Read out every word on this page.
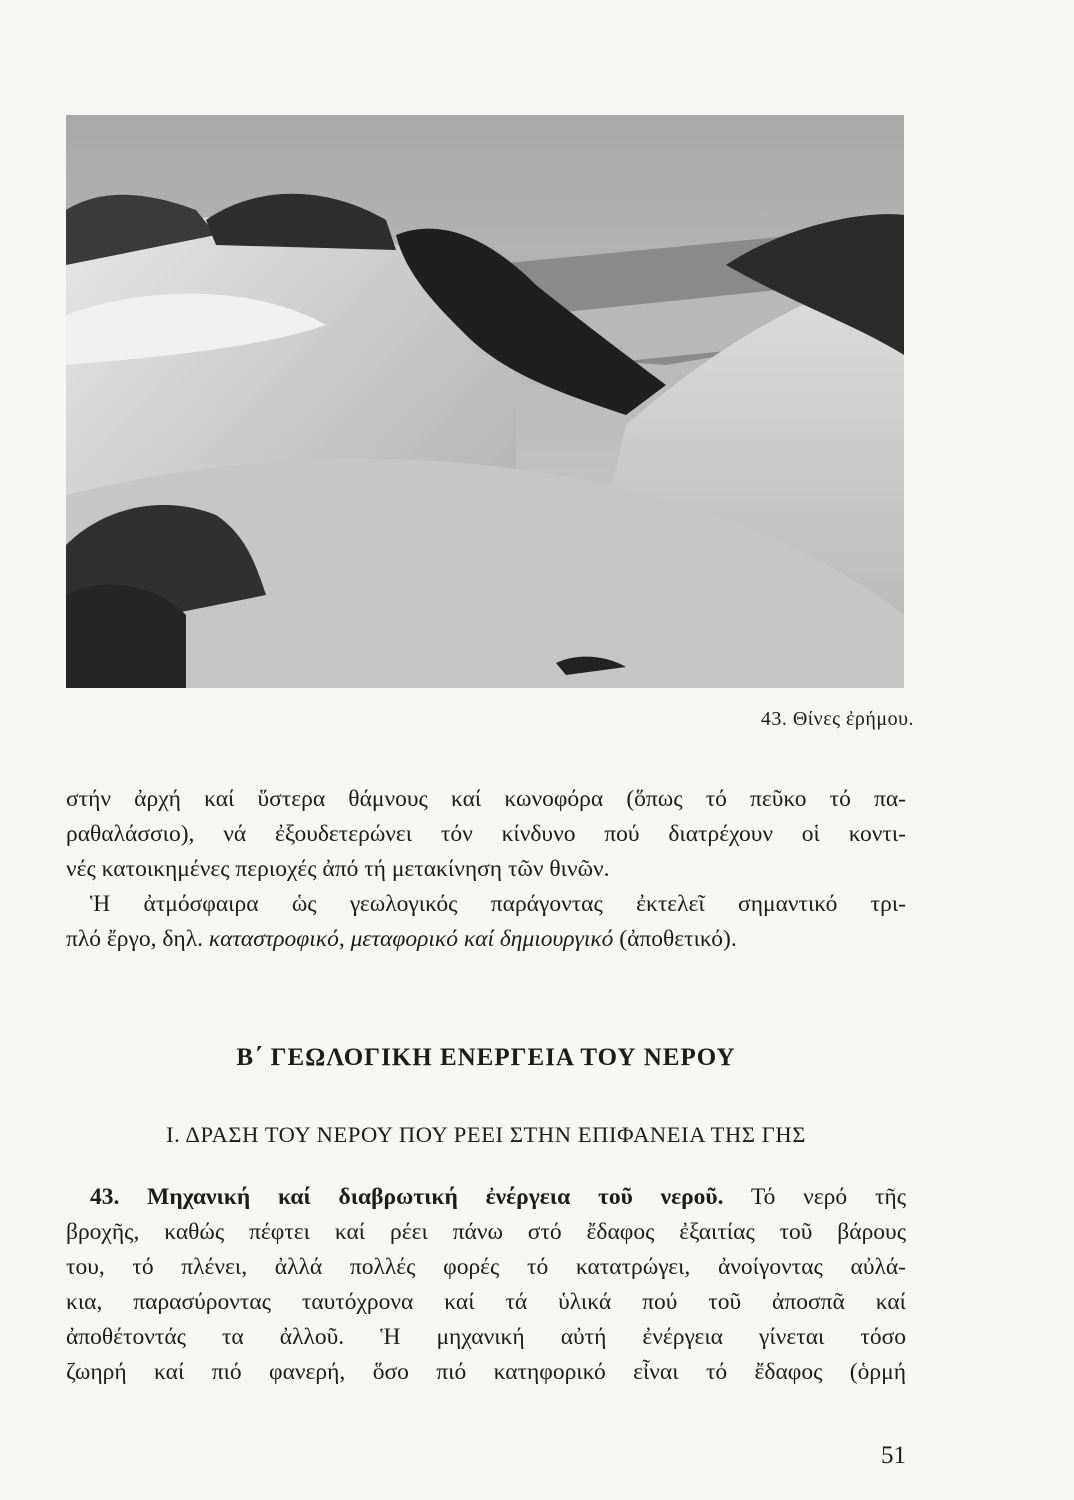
43. Θίνες ἐρήμου.
στήν ἀρχή καί ὕστερα θάμνους καί κωνοφόρα (ὅπως τό πεῦκο τό πα-
ραθαλάσσιο), νά ἐξουδετερώνει τόν κίνδυνο πού διατρέχουν οἱ κοντι-
νές κατοικημένες περιοχές ἀπό τή μετακίνηση τῶν θινῶν.
Ἡ ἀτμόσφαιρα ὡς γεωλογικός παράγοντας ἐκτελεῖ σημαντικό τρι-
πλό ἔργο, δηλ. καταστροφικό, μεταφορικό καί δημιουργικό (ἀποθετικό).
Β΄ ΓΕΩΛΟΓΙΚΗ ΕΝΕΡΓΕΙΑ ΤΟΥ ΝΕΡΟΥ
Ι. ΔΡΑΣΗ ΤΟΥ ΝΕΡΟΥ ΠΟΥ ΡΕΕΙ ΣΤΗΝ ΕΠΙΦΑΝΕΙΑ ΤΗΣ ΓΗΣ
43. Μηχανική καί διαβρωτική ἐνέργεια τοῦ νεροῦ. Τό νερό τῆς
βροχῆς, καθώς πέφτει καί ρέει πάνω στό ἔδαφος ἐξαιτίας τοῦ βάρους
του, τό πλένει, ἀλλά πολλές φορές τό κατατρώγει, ἀνοίγοντας αὐλά-
κια, παρασύροντας ταυτόχρονα καί τά ὑλικά πού τοῦ ἀποσπᾶ καί
ἀποθέτοντάς τα ἀλλοῦ. Ἡ μηχανική αὐτή ἐνέργεια γίνεται τόσο
ζωηρή καί πιό φανερή, ὅσο πιό κατηφορικό εἶναι τό ἔδαφος (ὁρμή
51
